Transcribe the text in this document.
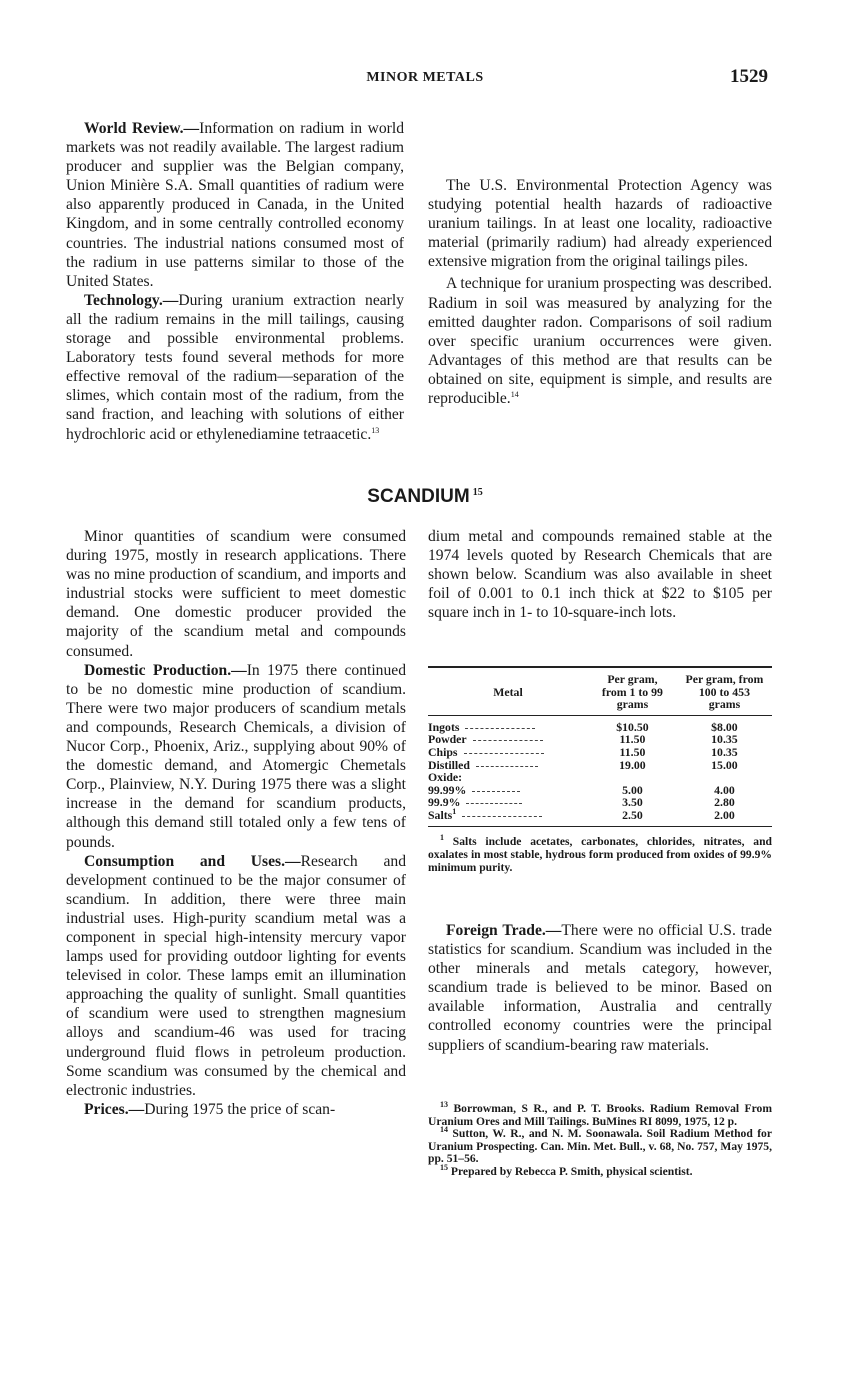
MINOR METALS	1529

World Review.—Information on radium in world markets was not readily available. The largest radium producer and supplier was the Belgian company, Union Minière S.A. Small quantities of radium were also apparently produced in Canada, in the United Kingdom, and in some centrally controlled economy countries. The industrial nations consumed most of the radium in use patterns similar to those of the United States.

Technology.—During uranium extraction nearly all the radium remains in the mill tailings, causing storage and possible environmental problems. Laboratory tests found several methods for more effective removal of the radium—separation of the slimes, which contain most of the radium, from the sand fraction, and leaching with solutions of either hydrochloric acid or ethylenediamine tetraacetic.$^{13}$

The U.S. Environmental Protection Agency was studying potential health hazards of radioactive uranium tailings. In at least one locality, radioactive material (primarily radium) had already experienced extensive migration from the original tailings piles.

A technique for uranium prospecting was described. Radium in soil was measured by analyzing for the emitted daughter radon. Comparisons of soil radium over specific uranium occurrences were given. Advantages of this method are that results can be obtained on site, equipment is simple, and results are reproducible.$^{14}$

SCANDIUM $^{15}$

Minor quantities of scandium were consumed during 1975, mostly in research applications. There was no mine production of scandium, and imports and industrial stocks were sufficient to meet domestic demand. One domestic producer provided the majority of the scandium metal and compounds consumed.

Domestic Production.—In 1975 there continued to be no domestic mine production of scandium. There were two major producers of scandium metals and compounds, Research Chemicals, a division of Nucor Corp., Phoenix, Ariz., supplying about 90% of the domestic demand, and Atomergic Chemetals Corp., Plainview, N.Y. During 1975 there was a slight increase in the demand for scandium products, although this demand still totaled only a few tens of pounds.

Consumption and Uses.—Research and development continued to be the major consumer of scandium. In addition, there were three main industrial uses. High-purity scandium metal was a component in special high-intensity mercury vapor lamps used for providing outdoor lighting for events televised in color. These lamps emit an illumination approaching the quality of sunlight. Small quantities of scandium were used to strengthen magnesium alloys and scandium-46 was used for tracing underground fluid flows in petroleum production. Some scandium was consumed by the chemical and electronic industries.

Prices.—During 1975 the price of scan-

dium metal and compounds remained stable at the 1974 levels quoted by Research Chemicals that are shown below. Scandium was also available in sheet foil of 0.001 to 0.1 inch thick at $22 to $105 per square inch in 1- to 10-square-inch lots.

Metal	Per gram, from 1 to 99 grams	Per gram, from 100 to 453 grams
Ingots	$10.50	$8.00
Powder	11.50	10.35
Chips	11.50	10.35
Distilled	19.00	15.00
Oxide:		
99.99%	5.00	4.00
99.9%	3.50	2.80
Salts$^1$	2.50	2.00
$^1$ Salts include acetates, carbonates, chlorides, nitrates, and oxalates in most stable, hydrous form produced from oxides of 99.9% minimum purity.

Foreign Trade.—There were no official U.S. trade statistics for scandium. Scandium was included in the other minerals and metals category, however, scandium trade is believed to be minor. Based on available information, Australia and centrally controlled economy countries were the principal suppliers of scandium-bearing raw materials.

$^{13}$ Borrowman, S R., and P. T. Brooks. Radium Removal From Uranium Ores and Mill Tailings. BuMines RI 8099, 1975, 12 p.

$^{14}$ Sutton, W. R., and N. M. Soonawala. Soil Radium Method for Uranium Prospecting. Can. Min. Met. Bull., v. 68, No. 757, May 1975, pp. 51–56.

$^{15}$ Prepared by Rebecca P. Smith, physical scientist.
